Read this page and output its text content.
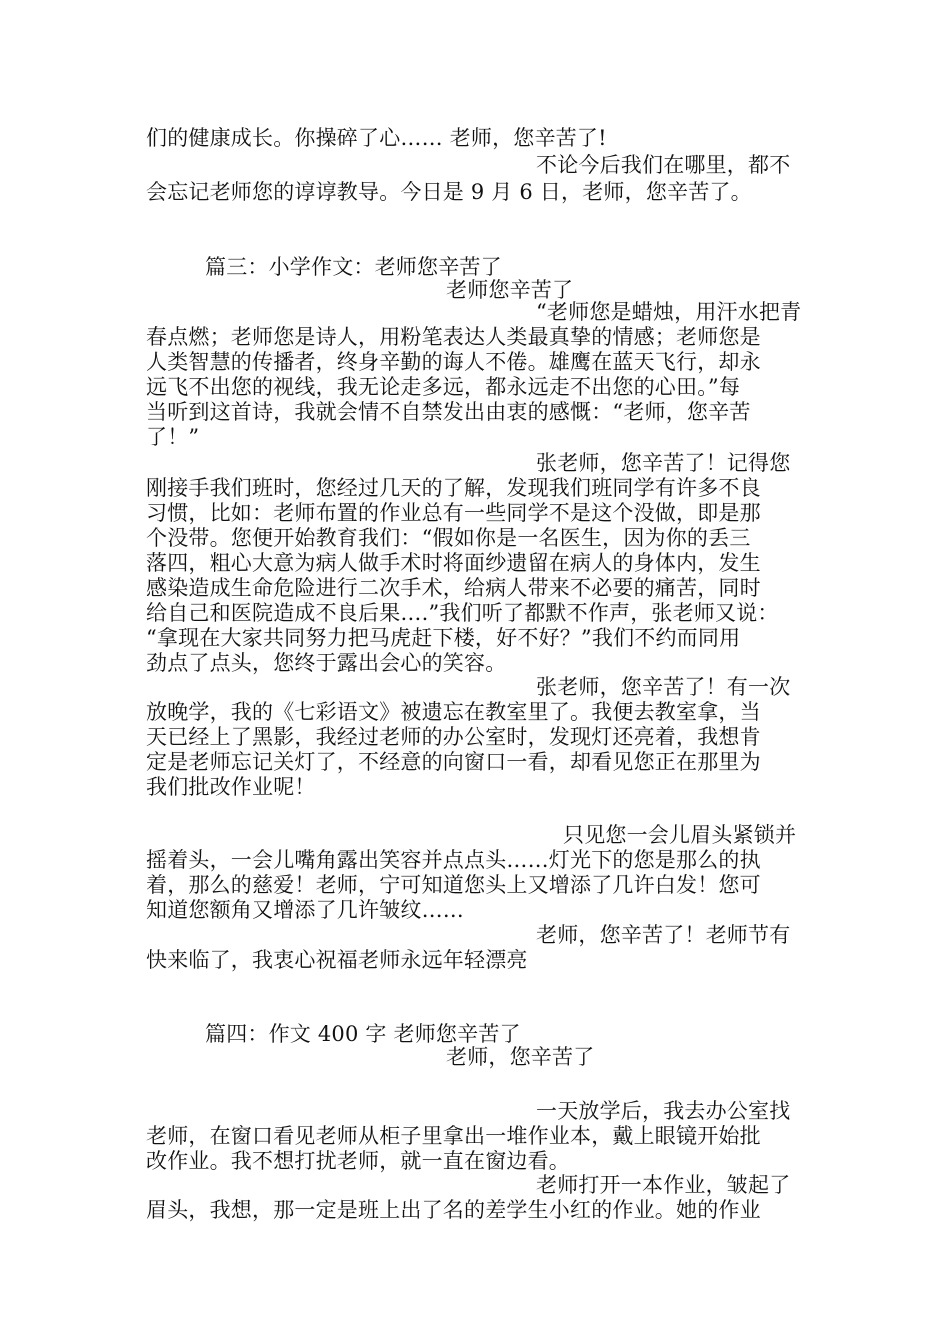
们的健康成长。你操碎了心…… 老师，您辛苦了!
不论今后我们在哪里，都不
会忘记老师您的谆谆教导。今日是 9 月 6 日，老师，您辛苦了。
篇三：小学作文：老师您辛苦了
老师您辛苦了
“老师您是蜡烛，用汗水把青
春点燃；老师您是诗人，用粉笔表达人类最真挚的情感；老师您是
人类智慧的传播者，终身辛勤的诲人不倦。雄鹰在蓝天飞行，却永
远飞不出您的视线，我无论走多远，都永远走不出您的心田。”每
当听到这首诗，我就会情不自禁发出由衷的感慨：“老师，您辛苦
了！”
张老师，您辛苦了！记得您
刚接手我们班时，您经过几天的了解，发现我们班同学有许多不良
习惯，比如：老师布置的作业总有一些同学不是这个没做，即是那
个没带。您便开始教育我们：“假如你是一名医生，因为你的丢三
落四，粗心大意为病人做手术时将面纱遗留在病人的身体内，发生
感染造成生命危险进行二次手术，给病人带来不必要的痛苦，同时
给自己和医院造成不良后果….”我们听了都默不作声，张老师又说：
“拿现在大家共同努力把马虎赶下楼，好不好？”我们不约而同用
劲点了点头，您终于露出会心的笑容。
张老师，您辛苦了！有一次
放晚学，我的《七彩语文》被遗忘在教室里了。我便去教室拿，当
天已经上了黑影，我经过老师的办公室时，发现灯还亮着，我想肯
定是老师忘记关灯了，不经意的向窗口一看，却看见您正在那里为
我们批改作业呢！
只见您一会儿眉头紧锁并
摇着头，一会儿嘴角露出笑容并点点头……灯光下的您是那么的执
着，那么的慈爱！老师，宁可知道您头上又增添了几许白发！您可
知道您额角又增添了几许皱纹……
老师，您辛苦了！老师节有
快来临了，我衷心祝福老师永远年轻漂亮
篇四：作文 400 字 老师您辛苦了
老师，您辛苦了
一天放学后，我去办公室找
老师，在窗口看见老师从柜子里拿出一堆作业本，戴上眼镜开始批
改作业。我不想打扰老师，就一直在窗边看。
老师打开一本作业，皱起了
眉头，我想，那一定是班上出了名的差学生小红的作业。她的作业
